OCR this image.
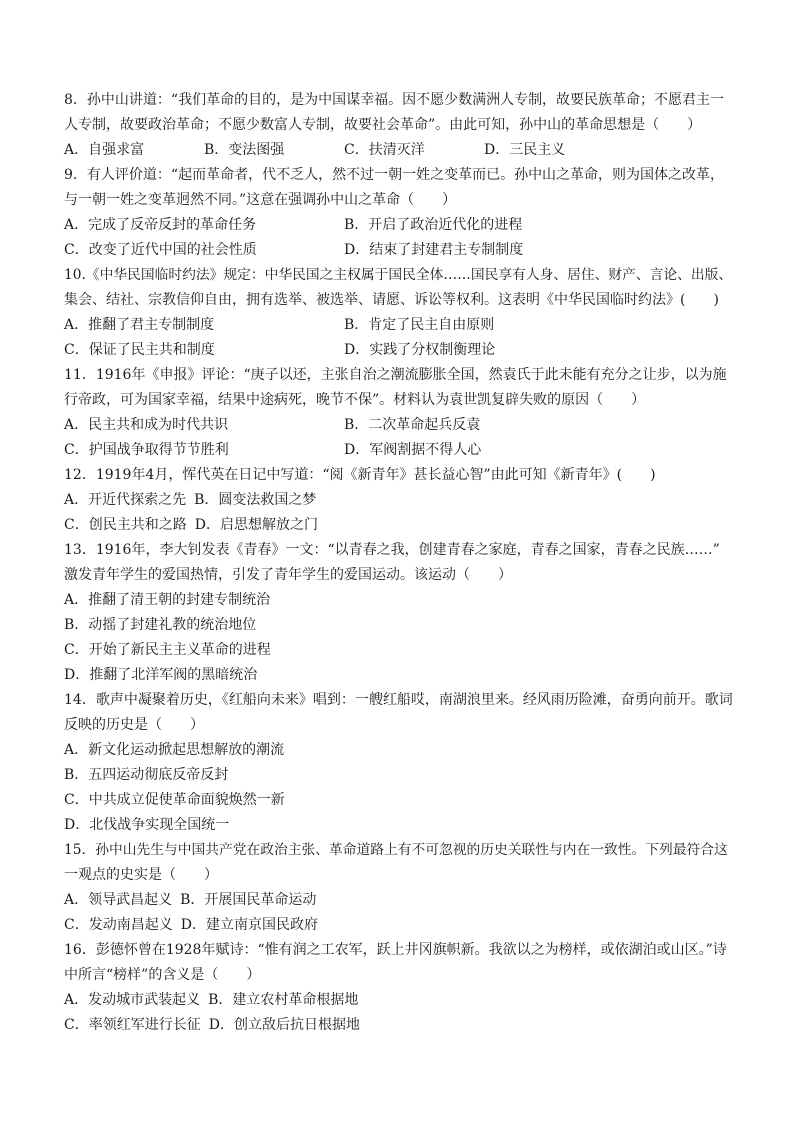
8．孙中山讲道：“我们革命的目的，是为中国谋幸福。因不愿少数满洲人专制，故要民族革命；不愿君主一
人专制，故要政治革命；不愿少数富人专制，故要社会革命”。由此可知，孙中山的革命思想是（　　）
A．自强求富	B．变法图强	C．扶清灭洋	D．三民主义
9．有人评价道：“起而革命者，代不乏人，然不过一朝一姓之变革而已。孙中山之革命，则为国体之改革，
与一朝一姓之变革迥然不同。”这意在强调孙中山之革命（　　）
A．完成了反帝反封的革命任务	B．开启了政治近代化的进程
C．改变了近代中国的社会性质	D．结束了封建君主专制制度
10.《中华民国临时约法》规定：中华民国之主权属于国民全体……国民享有人身、居住、财产、言论、出版、
集会、结社、宗教信仰自由，拥有选举、被选举、请愿、诉讼等权利。这表明《中华民国临时约法》(　　)
A．推翻了君主专制制度	B．肯定了民主自由原则
C．保证了民主共和制度	D．实践了分权制衡理论
11．1916年《申报》评论：“庚子以还，主张自治之潮流膨胀全国，然袁氏于此未能有充分之让步，以为施
行帝政，可为国家幸福，结果中途病死，晚节不保”。材料认为袁世凯复辟失败的原因（　　）
A．民主共和成为时代共识	B．二次革命起兵反袁
C．护国战争取得节节胜利	D．军阀割据不得人心
12．1919年4月，恽代英在日记中写道：“阅《新青年》甚长益心智”由此可知《新青年》(　　)
A．开近代探索之先 B．圆变法救国之梦
C．创民主共和之路 D．启思想解放之门
13．1916年，李大钊发表《青春》一文：“以青春之我，创建青春之家庭，青春之国家，青春之民族……”
激发青年学生的爱国热情，引发了青年学生的爱国运动。该运动（　　）
A．推翻了清王朝的封建专制统治
B．动摇了封建礼教的统治地位
C．开始了新民主主义革命的进程
D．推翻了北洋军阀的黑暗统治
14．歌声中凝聚着历史，《红船向未来》唱到：一艘红船哎，南湖浪里来。经风雨历险滩，奋勇向前开。歌词
反映的历史是（　　）
A．新文化运动掀起思想解放的潮流
B．五四运动彻底反帝反封
C．中共成立促使革命面貌焕然一新
D．北伐战争实现全国统一
15．孙中山先生与中国共产党在政治主张、革命道路上有不可忽视的历史关联性与内在一致性。下列最符合这
一观点的史实是（　　）
A．领导武昌起义 B．开展国民革命运动
C．发动南昌起义 D．建立南京国民政府
16．彭德怀曾在1928年赋诗：“惟有润之工农军，跃上井冈旗帜新。我欲以之为榜样，或依湖泊或山区。”诗
中所言“榜样”的含义是（　　）
A．发动城市武装起义 B．建立农村革命根据地
C．率领红军进行长征 D．创立敌后抗日根据地
